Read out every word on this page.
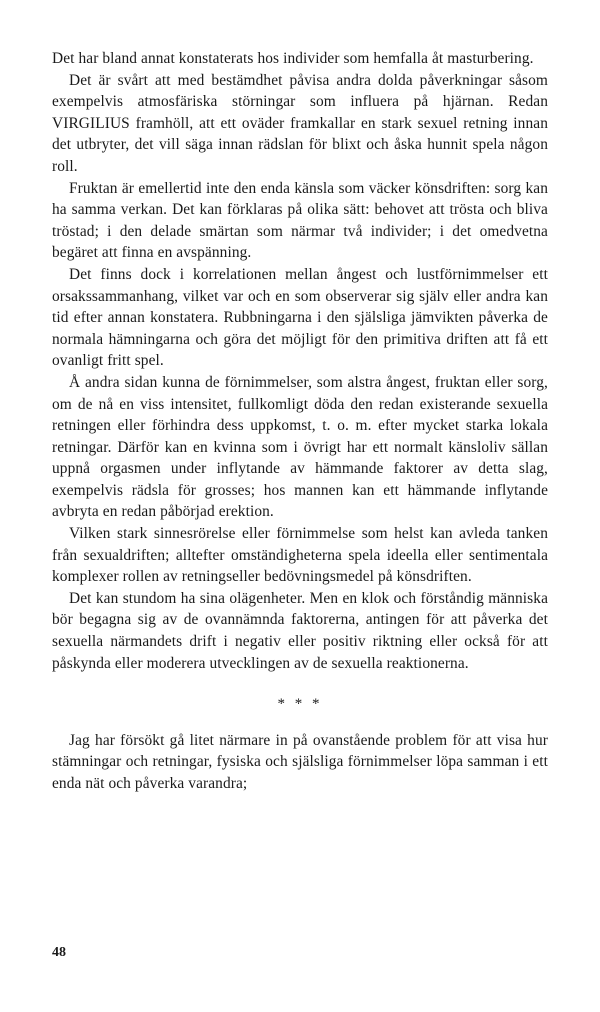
Det har bland annat konstaterats hos individer som hemfalla åt masturbering.

Det är svårt att med bestämdhet påvisa andra dolda påverkningar såsom exempelvis atmosfäriska störningar som influera på hjärnan. Redan VIRGILIUS framhöll, att ett oväder framkallar en stark sexuel retning innan det utbryter, det vill säga innan rädslan för blixt och åska hunnit spela någon roll.

Fruktan är emellertid inte den enda känsla som väcker könsdriften: sorg kan ha samma verkan. Det kan förklaras på olika sätt: behovet att trösta och bliva tröstad; i den delade smärtan som närmar två individer; i det omedvetna begäret att finna en avspänning.

Det finns dock i korrelationen mellan ångest och lustförnimmelser ett orsakssammanhang, vilket var och en som observerar sig själv eller andra kan tid efter annan konstatera. Rubbningarna i den själsliga jämvikten påverka de normala hämningarna och göra det möjligt för den primitiva driften att få ett ovanligt fritt spel.

Å andra sidan kunna de förnimmelser, som alstra ångest, fruktan eller sorg, om de nå en viss intensitet, fullkomligt döda den redan existerande sexuella retningen eller förhindra dess uppkomst, t. o. m. efter mycket starka lokala retningar. Därför kan en kvinna som i övrigt har ett normalt känsloliv sällan uppnå orgasmen under inflytande av hämmande faktorer av detta slag, exempelvis rädsla för grosses; hos mannen kan ett hämmande inflytande avbryta en redan påbörjad erektion.

Vilken stark sinnesrörelse eller förnimmelse som helst kan avleda tanken från sexualdriften; alltefter omständigheterna spela ideella eller sentimentala komplexer rollen av retningseller bedövningsmedel på könsdriften.

Det kan stundom ha sina olägenheter. Men en klok och förståndig människa bör begagna sig av de ovannämnda faktorerna, antingen för att påverka det sexuella närmandets drift i negativ eller positiv riktning eller också för att påskynda eller moderera utvecklingen av de sexuella reaktionerna.

* * *

Jag har försökt gå litet närmare in på ovanstående problem för att visa hur stämningar och retningar, fysiska och själsliga förnimmelser löpa samman i ett enda nät och påverka varandra;

48
